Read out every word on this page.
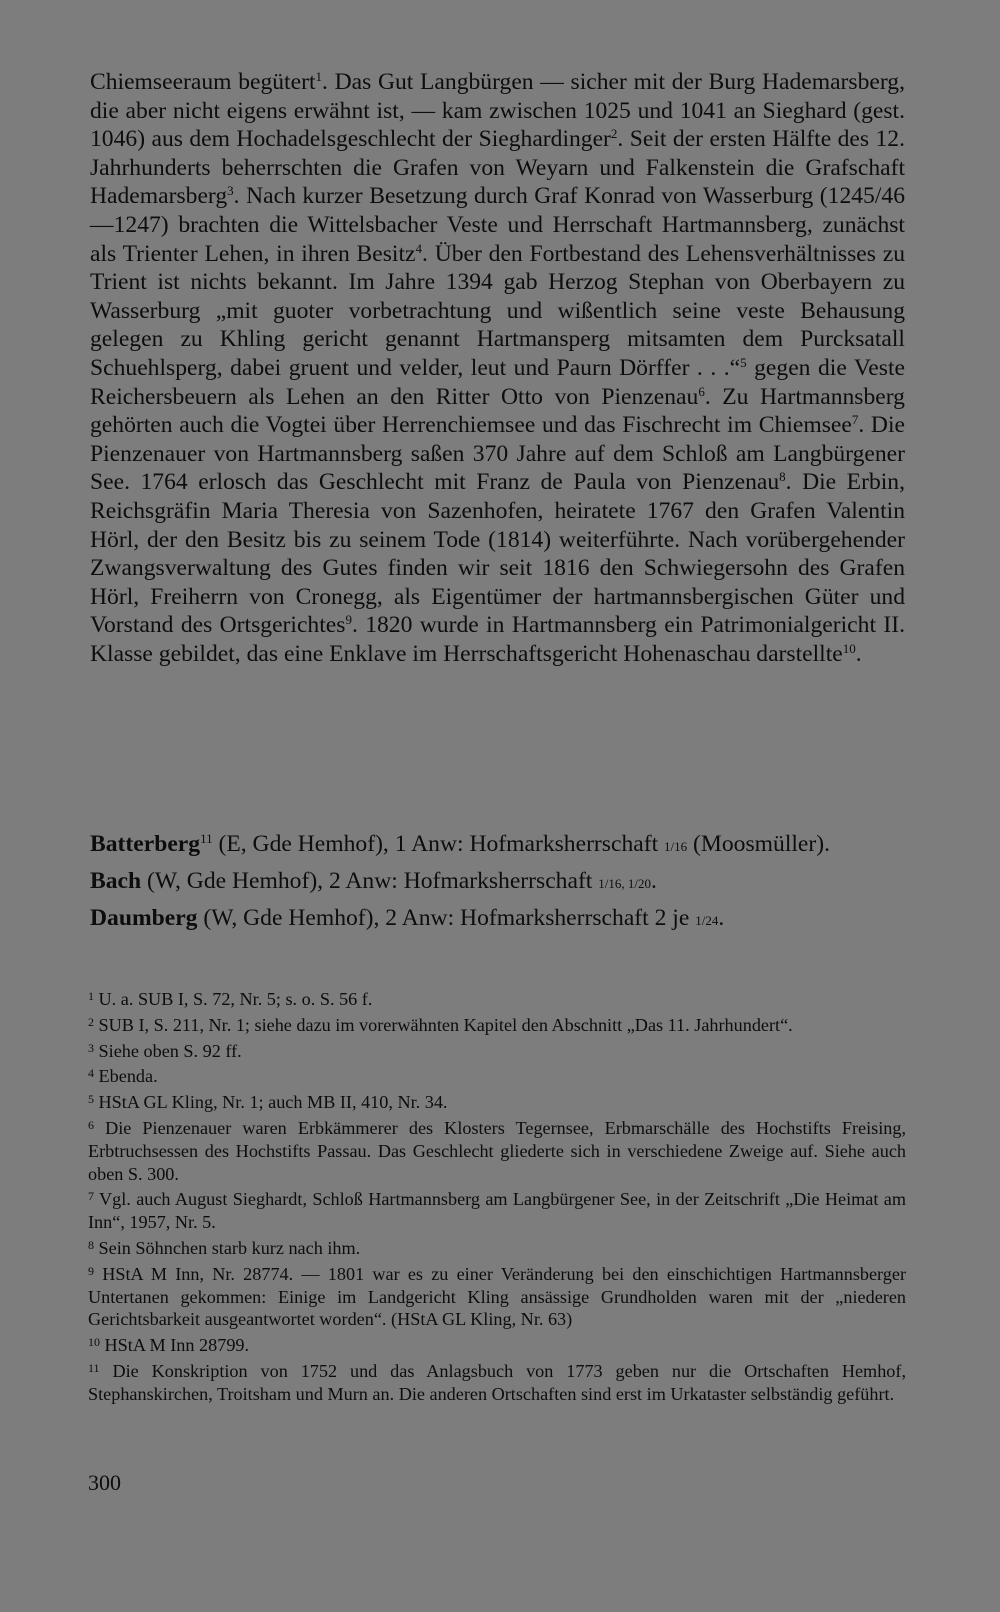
Chiemseeraum begütert$^1$. Das Gut Langbürgen — sicher mit der Burg Hademarsberg, die aber nicht eigens erwähnt ist, — kam zwischen 1025 und 1041 an Sieghard (gest. 1046) aus dem Hochadelsgeschlecht der Sieghardinger$^2$. Seit der ersten Hälfte des 12. Jahrhunderts beherrschten die Grafen von Weyarn und Falkenstein die Grafschaft Hademarsberg$^3$. Nach kurzer Besetzung durch Graf Konrad von Wasserburg (1245/46—1247) brachten die Wittelsbacher Veste und Herrschaft Hartmannsberg, zunächst als Trienter Lehen, in ihren Besitz$^4$. Über den Fortbestand des Lehensverhältnisses zu Trient ist nichts bekannt. Im Jahre 1394 gab Herzog Stephan von Oberbayern zu Wasserburg „mit guoter vorbetrachtung und wißentlich seine veste Behausung gelegen zu Khling gericht genannt Hartmansperg mitsamten dem Purcksatall Schuehlsperg, dabei gruent und velder, leut und Paurn Dörffer . . .“$^5$ gegen die Veste Reichersbeuern als Lehen an den Ritter Otto von Pienzenau$^6$. Zu Hartmannsberg gehörten auch die Vogtei über Herrenchiemsee und das Fischrecht im Chiemsee$^7$. Die Pienzenauer von Hartmannsberg saßen 370 Jahre auf dem Schloß am Langbürgener See. 1764 erlosch das Geschlecht mit Franz de Paula von Pienzenau$^8$. Die Erbin, Reichsgräfin Maria Theresia von Sazenhofen, heiratete 1767 den Grafen Valentin Hörl, der den Besitz bis zu seinem Tode (1814) weiterführte. Nach vorübergehender Zwangsverwaltung des Gutes finden wir seit 1816 den Schwiegersohn des Grafen Hörl, Freiherrn von Cronegg, als Eigentümer der hartmannsbergischen Güter und Vorstand des Ortsgerichtes$^9$. 1820 wurde in Hartmannsberg ein Patrimonialgericht II. Klasse gebildet, das eine Enklave im Herrschaftsgericht Hohenaschau darstellte$^{10}$.

Batterberg$^{11}$ (E, Gde Hemhof), 1 Anw: Hofmarksherrschaft 1/16 (Moosmüller).

Bach (W, Gde Hemhof), 2 Anw: Hofmarksherrschaft 1/16, 1/20.

Daumberg (W, Gde Hemhof), 2 Anw: Hofmarksherrschaft 2 je 1/24.

$^1$ U. a. SUB I, S. 72, Nr. 5; s. o. S. 56 f.

$^2$ SUB I, S. 211, Nr. 1; siehe dazu im vorerwähnten Kapitel den Abschnitt „Das 11. Jahrhundert“.

$^3$ Siehe oben S. 92 ff.

$^4$ Ebenda.

$^5$ HStA GL Kling, Nr. 1; auch MB II, 410, Nr. 34.

$^6$ Die Pienzenauer waren Erbkämmerer des Klosters Tegernsee, Erbmarschälle des Hochstifts Freising, Erbtruchsessen des Hochstifts Passau. Das Geschlecht gliederte sich in verschiedene Zweige auf. Siehe auch oben S. 300.

$^7$ Vgl. auch August Sieghardt, Schloß Hartmannsberg am Langbürgener See, in der Zeitschrift „Die Heimat am Inn“, 1957, Nr. 5.

$^8$ Sein Söhnchen starb kurz nach ihm.

$^9$ HStA M Inn, Nr. 28774. — 1801 war es zu einer Veränderung bei den einschichtigen Hartmannsberger Untertanen gekommen: Einige im Landgericht Kling ansässige Grundholden waren mit der „niederen Gerichtsbarkeit ausgeantwortet worden“. (HStA GL Kling, Nr. 63)

$^{10}$ HStA M Inn 28799.

$^{11}$ Die Konskription von 1752 und das Anlagsbuch von 1773 geben nur die Ortschaften Hemhof, Stephanskirchen, Troitsham und Murn an. Die anderen Ortschaften sind erst im Urkataster selbständig geführt.

300
